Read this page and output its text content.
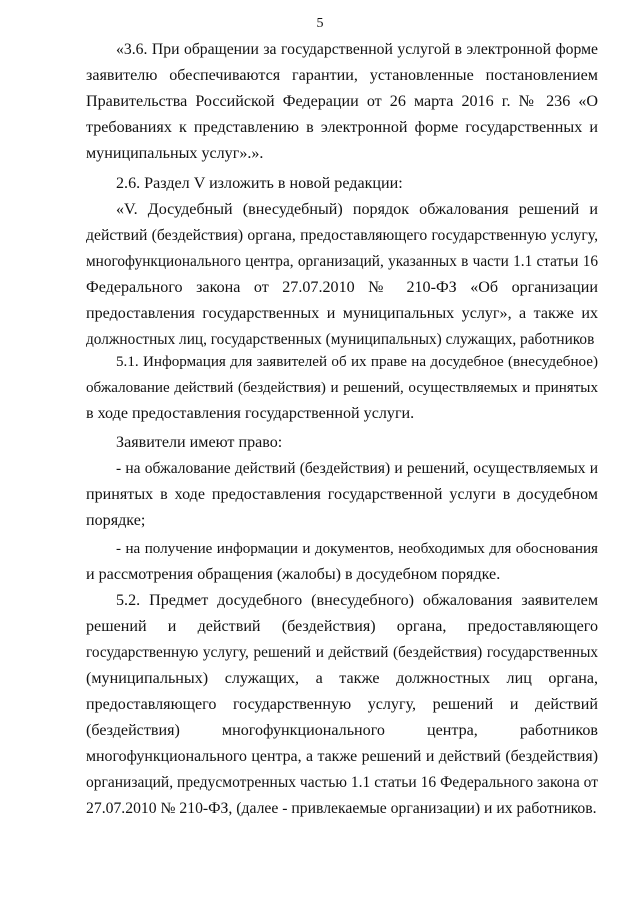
5
«3.6. При обращении за государственной услугой в электронной форме
заявителю обеспечиваются гарантии, установленные постановлением
Правительства Российской Федерации от 26 марта 2016 г. № 236 «О
требованиях к представлению в электронной форме государственных и
муниципальных услуг».».
2.6. Раздел V изложить в новой редакции:
«V. Досудебный (внесудебный) порядок обжалования решений и
действий (бездействия) органа, предоставляющего государственную услугу,
многофункционального центра, организаций, указанных в части 1.1 статьи 16
Федерального закона от 27.07.2010 № 210-ФЗ «Об организации
предоставления государственных и муниципальных услуг», а также их
должностных лиц, государственных (муниципальных) служащих, работников
5.1. Информация для заявителей об их праве на досудебное (внесудебное)
обжалование действий (бездействия) и решений, осуществляемых и принятых
в ходе предоставления государственной услуги.
Заявители имеют право:
- на обжалование действий (бездействия) и решений, осуществляемых и
принятых в ходе предоставления государственной услуги в досудебном
порядке;
- на получение информации и документов, необходимых для обоснования
и рассмотрения обращения (жалобы) в досудебном порядке.
5.2. Предмет досудебного (внесудебного) обжалования заявителем
решений и действий (бездействия) органа, предоставляющего
государственную услугу, решений и действий (бездействия) государственных
(муниципальных) служащих, а также должностных лиц органа,
предоставляющего государственную услугу, решений и действий
(бездействия) многофункционального центра, работников
многофункционального центра, а также решений и действий (бездействия)
организаций, предусмотренных частью 1.1 статьи 16 Федерального закона от
27.07.2010 № 210-ФЗ, (далее - привлекаемые организации) и их работников.
